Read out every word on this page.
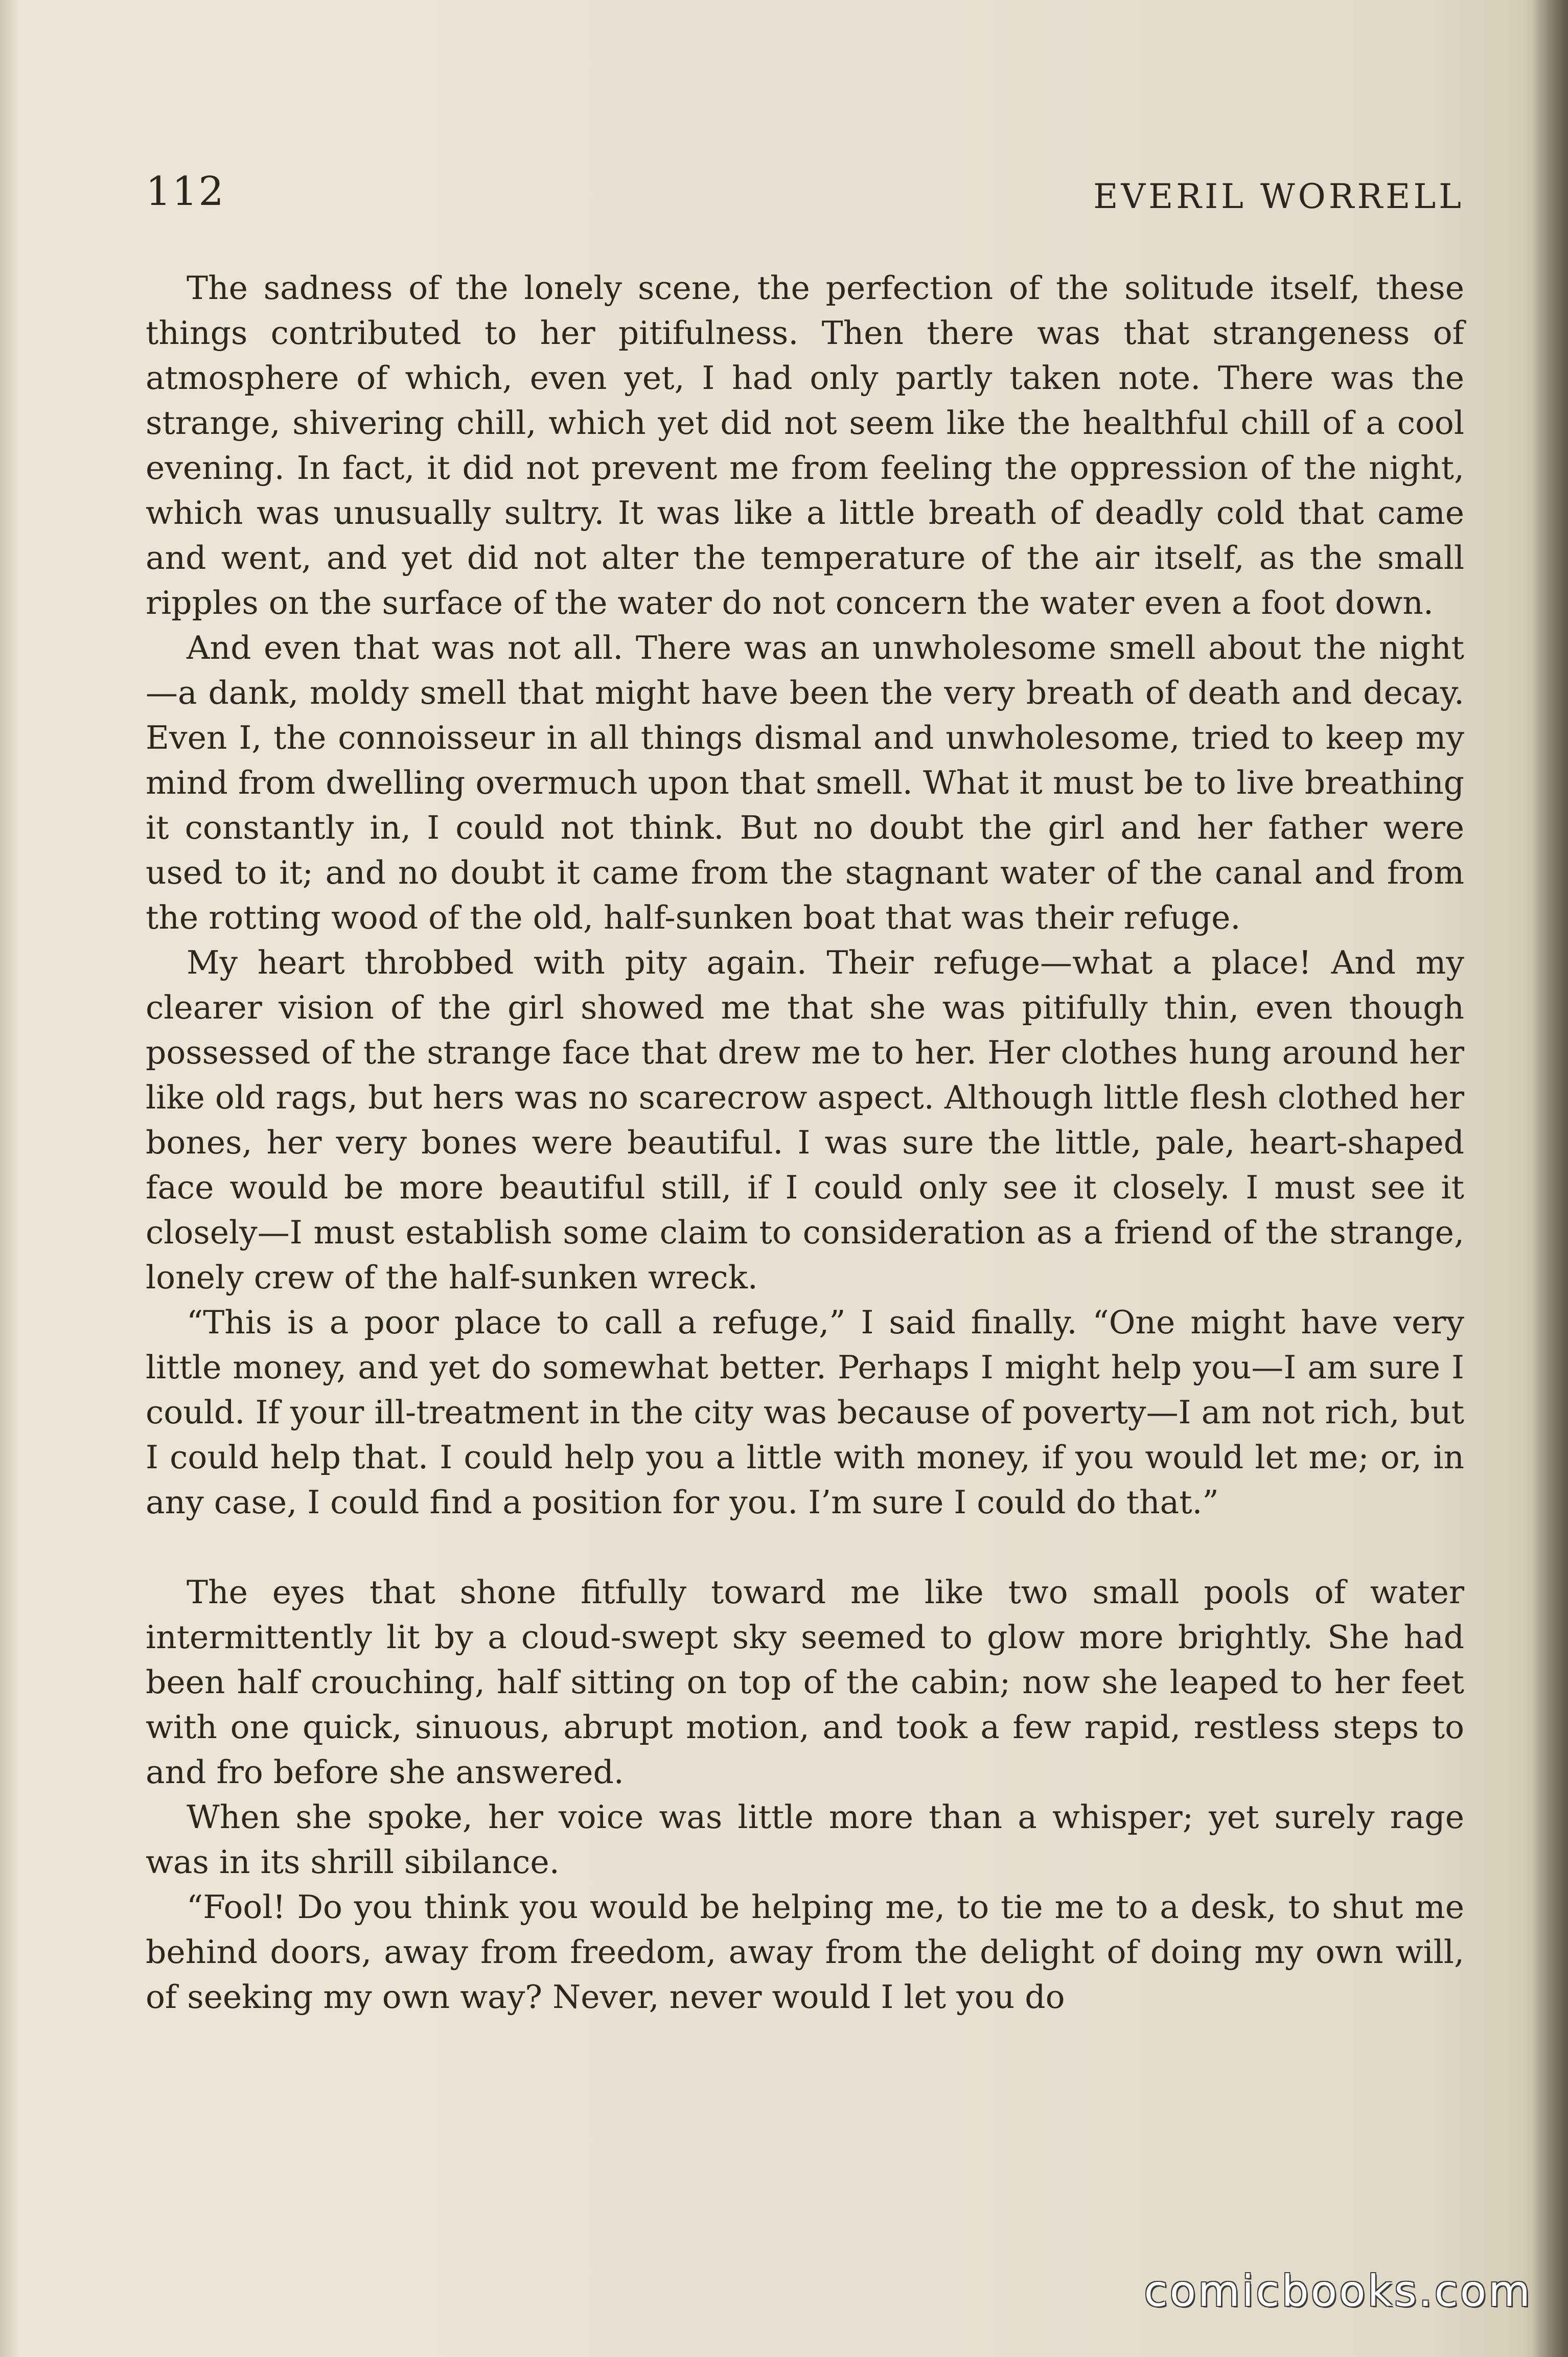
112	EVERIL WORRELL

The sadness of the lonely scene, the perfection of the solitude itself, these things contributed to her pitifulness. Then there was that strangeness of atmosphere of which, even yet, I had only partly taken note. There was the strange, shivering chill, which yet did not seem like the healthful chill of a cool evening. In fact, it did not prevent me from feeling the oppression of the night, which was unusually sultry. It was like a little breath of deadly cold that came and went, and yet did not alter the temperature of the air itself, as the small ripples on the surface of the water do not concern the water even a foot down.

And even that was not all. There was an unwholesome smell about the night—a dank, moldy smell that might have been the very breath of death and decay. Even I, the connoisseur in all things dismal and unwholesome, tried to keep my mind from dwelling overmuch upon that smell. What it must be to live breathing it constantly in, I could not think. But no doubt the girl and her father were used to it; and no doubt it came from the stagnant water of the canal and from the rotting wood of the old, half-sunken boat that was their refuge.

My heart throbbed with pity again. Their refuge—what a place! And my clearer vision of the girl showed me that she was pitifully thin, even though possessed of the strange face that drew me to her. Her clothes hung around her like old rags, but hers was no scarecrow aspect. Although little flesh clothed her bones, her very bones were beautiful. I was sure the little, pale, heart-shaped face would be more beautiful still, if I could only see it closely. I must see it closely—I must establish some claim to consideration as a friend of the strange, lonely crew of the half-sunken wreck.

“This is a poor place to call a refuge,” I said finally. “One might have very little money, and yet do somewhat better. Perhaps I might help you—I am sure I could. If your ill-treatment in the city was because of poverty—I am not rich, but I could help that. I could help you a little with money, if you would let me; or, in any case, I could find a position for you. I’m sure I could do that.”

The eyes that shone fitfully toward me like two small pools of water intermittently lit by a cloud-swept sky seemed to glow more brightly. She had been half crouching, half sitting on top of the cabin; now she leaped to her feet with one quick, sinuous, abrupt motion, and took a few rapid, restless steps to and fro before she answered.

When she spoke, her voice was little more than a whisper; yet surely rage was in its shrill sibilance.

“Fool! Do you think you would be helping me, to tie me to a desk, to shut me behind doors, away from freedom, away from the delight of doing my own will, of seeking my own way? Never, never would I let you do

comicbooks.com
